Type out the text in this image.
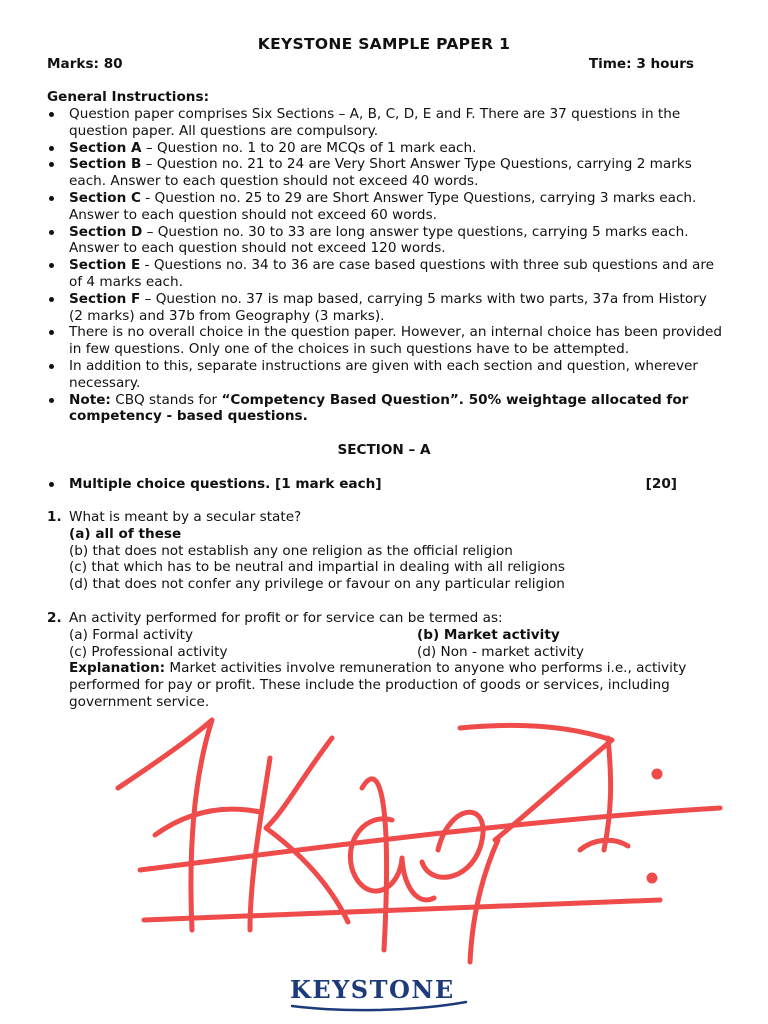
KEYSTONE SAMPLE PAPER 1
Marks: 80	Time: 3 hours
General Instructions:
Question paper comprises Six Sections – A, B, C, D, E and F. There are 37 questions in the question paper. All questions are compulsory.
Section A – Question no. 1 to 20 are MCQs of 1 mark each.
Section B – Question no. 21 to 24 are Very Short Answer Type Questions, carrying 2 marks each. Answer to each question should not exceed 40 words.
Section C - Question no. 25 to 29 are Short Answer Type Questions, carrying 3 marks each. Answer to each question should not exceed 60 words.
Section D – Question no. 30 to 33 are long answer type questions, carrying 5 marks each. Answer to each question should not exceed 120 words.
Section E - Questions no. 34 to 36 are case based questions with three sub questions and are of 4 marks each.
Section F – Question no. 37 is map based, carrying 5 marks with two parts, 37a from History (2 marks) and 37b from Geography (3 marks).
There is no overall choice in the question paper. However, an internal choice has been provided in few questions. Only one of the choices in such questions have to be attempted.
In addition to this, separate instructions are given with each section and question, wherever necessary.
Note: CBQ stands for “Competency Based Question”. 50% weightage allocated for competency - based questions.
SECTION – A
Multiple choice questions. [1 mark each]	[20]
1. What is meant by a secular state?
(a) all of these
(b) that does not establish any one religion as the official religion
(c) that which has to be neutral and impartial in dealing with all religions
(d) that does not confer any privilege or favour on any particular religion
2. An activity performed for profit or for service can be termed as:
(a) Formal activity	(b) Market activity
(c) Professional activity	(d) Non - market activity
Explanation: Market activities involve remuneration to anyone who performs i.e., activity performed for pay or profit. These include the production of goods or services, including government service.
KEYSTONE
